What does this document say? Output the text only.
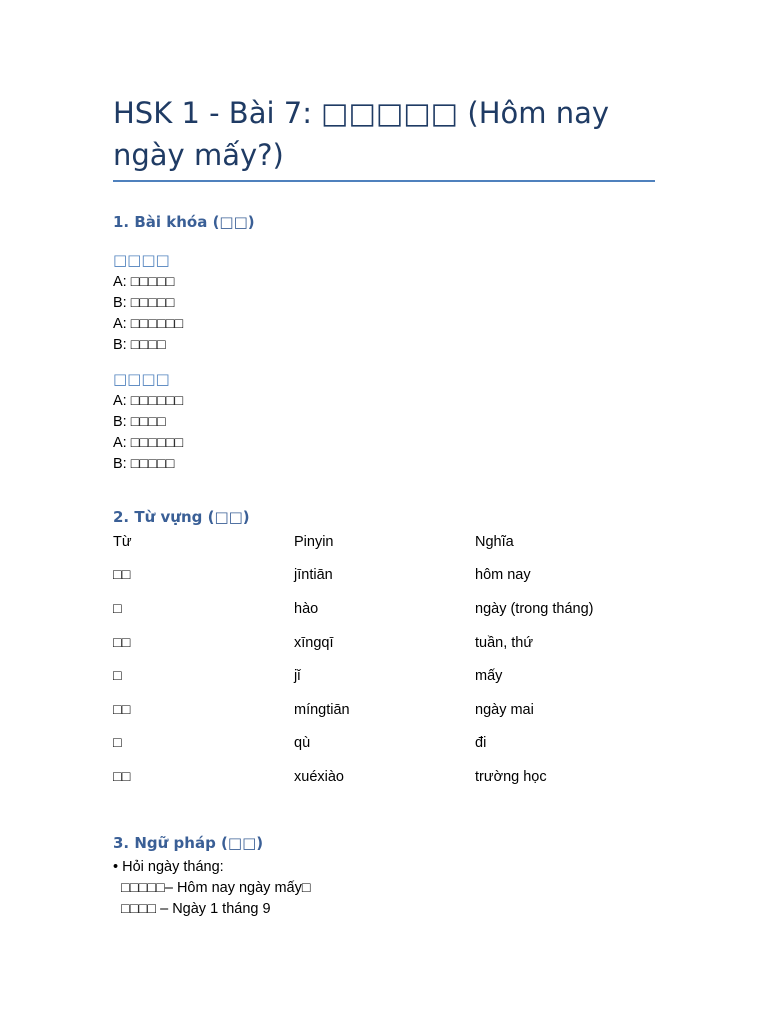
HSK 1 - Bài 7: □□□□□ (Hôm nay ngày mấy?)
1. Bài khóa (□□)
□□□□
A: □□□□□
B: □□□□□
A: □□□□□□
B: □□□□
□□□□
A: □□□□□□
B: □□□□
A: □□□□□□
B: □□□□□
2. Từ vựng (□□)
Từ	Pinyin	Nghĩa
□□	jīntiān	hôm nay
□	hào	ngày (trong tháng)
□□	xīngqī	tuần, thứ
□	jǐ	mấy
□□	míngtiān	ngày mai
□	qù	đi
□□	xuéxiào	trường học
3. Ngữ pháp (□□)
• Hỏi ngày tháng:
□□□□□– Hôm nay ngày mấy□
□□□□ – Ngày 1 tháng 9
